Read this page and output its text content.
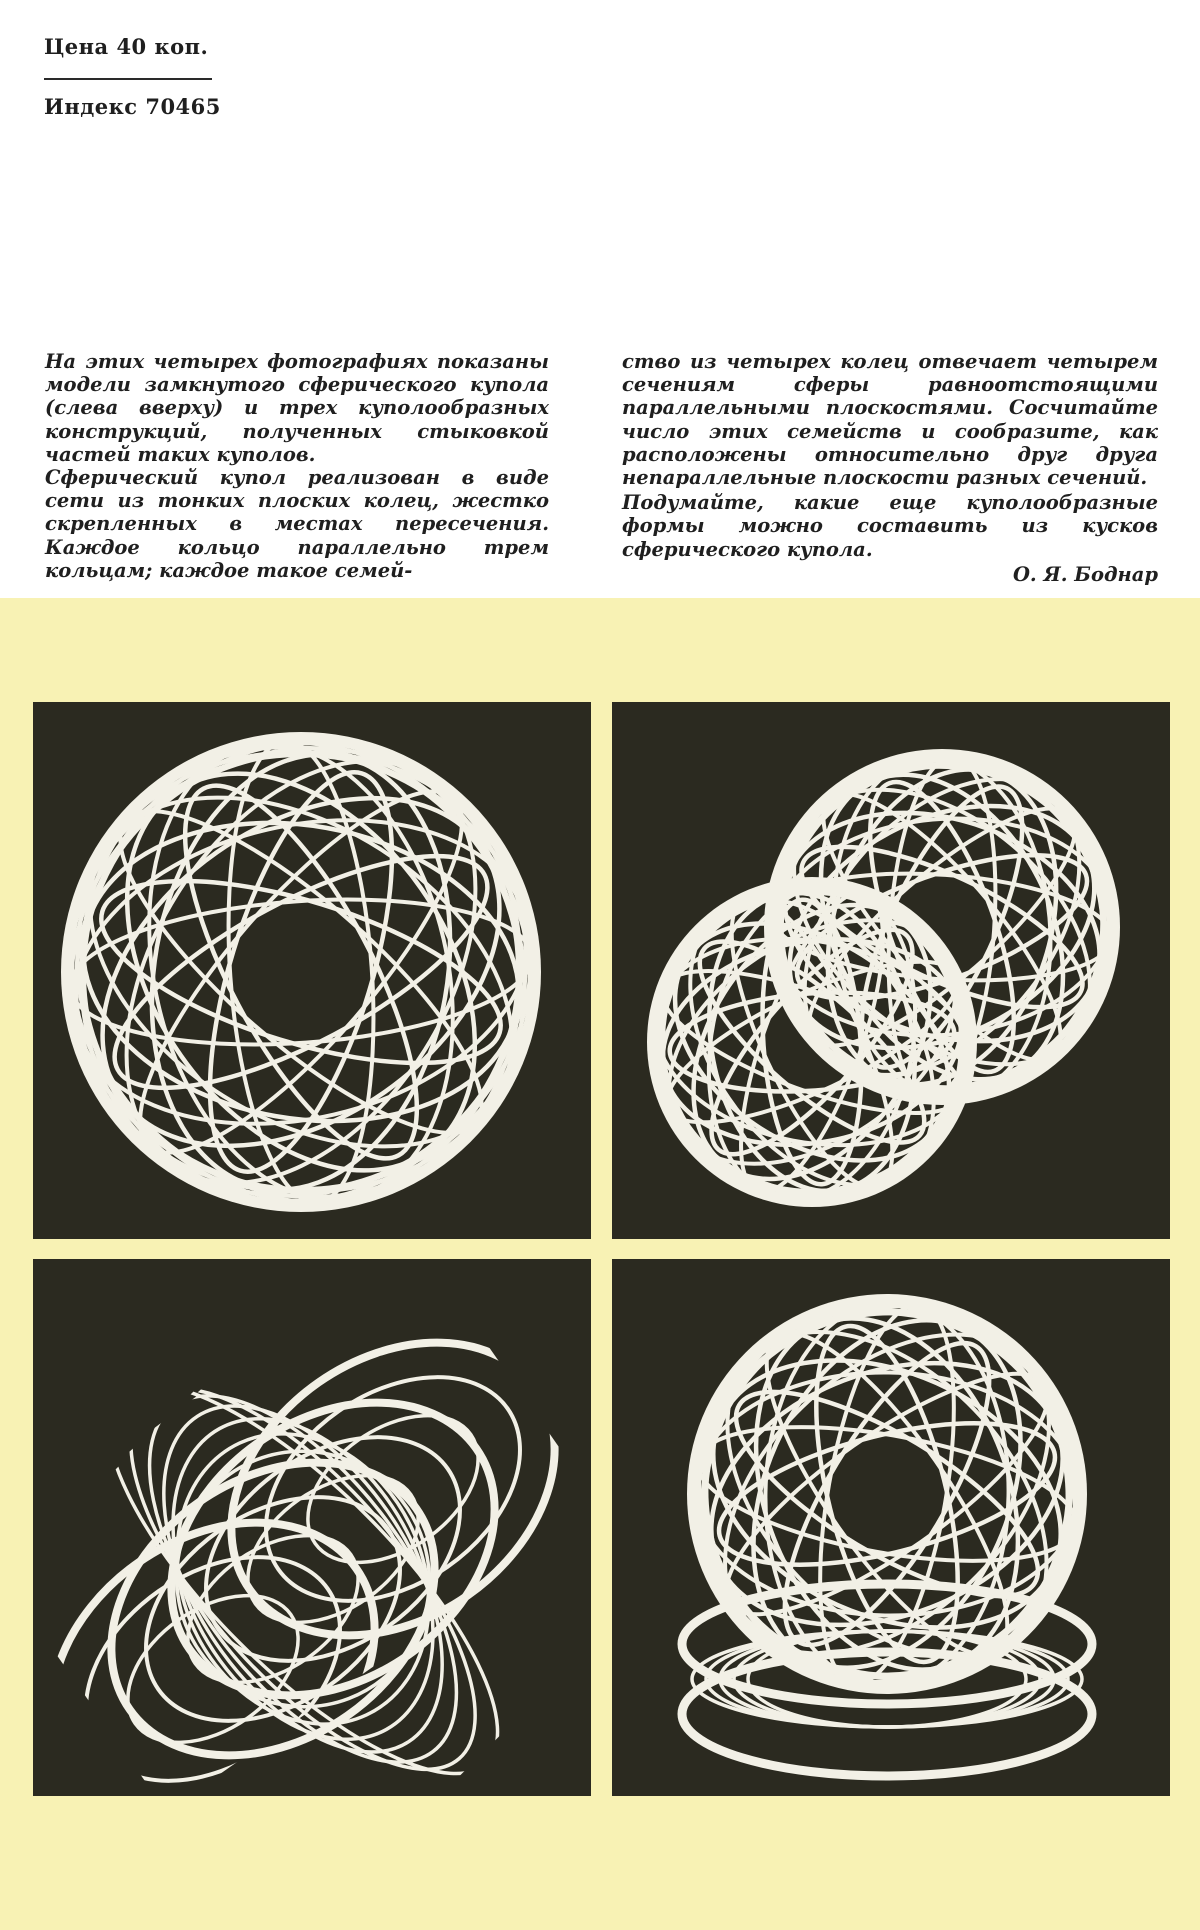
Цена 40 коп.
Индекс 70465

На этих четырех фотографиях показаны модели замкнутого сферического купола (слева вверху) и трех куполообразных конструкций, полученных стыковкой частей таких куполов.

Сферический купол реализован в виде сети из тонких плоских колец, жестко скрепленных в местах пересечения. Каждое кольцо параллельно трем кольцам; каждое такое семей-

ство из четырех колец отвечает четырем сечениям сферы равноотстоящими параллельными плоскостями. Сосчитайте число этих семейств и сообразите, как расположены относительно друг друга непараллельные плоскости разных сечений.

Подумайте, какие еще куполообразные формы можно составить из кусков сферического купола.

О. Я. Боднар
